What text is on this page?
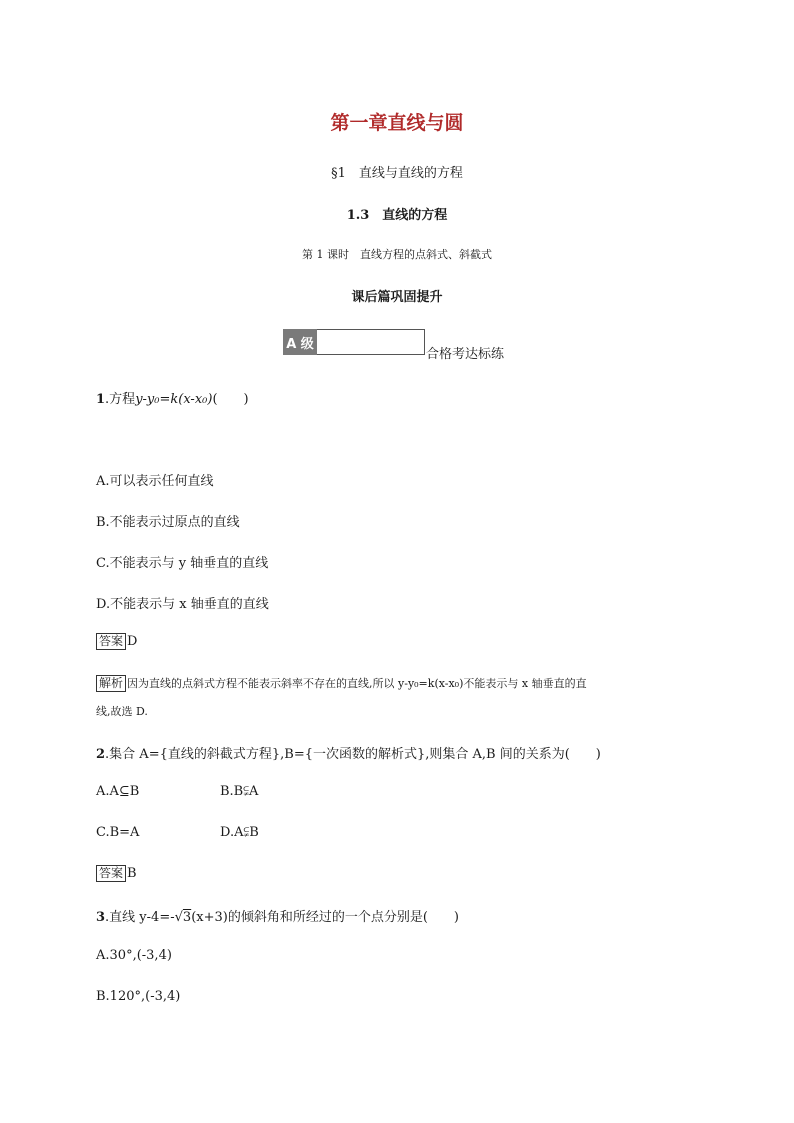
第一章直线与圆
§1　直线与直线的方程
1.3　直线的方程
第 1 课时　直线方程的点斜式、斜截式
课后篇巩固提升
A 级
合格考达标练
1.方程y-y₀=k(x-x₀)(　　)
A.可以表示任何直线
B.不能表示过原点的直线
C.不能表示与 y 轴垂直的直线
D.不能表示与 x 轴垂直的直线
答案 D
解析 因为直线的点斜式方程不能表示斜率不存在的直线,所以 y-y₀=k(x-x₀)不能表示与 x 轴垂直的直
线,故选 D.
2.集合 A={直线的斜截式方程},B={一次函数的解析式},则集合 A,B 间的关系为(　　)
A.A⊆B	B.B⫋A
C.B=A	D.A⫋B
答案 B
3.直线 y-4=-√3(x+3)的倾斜角和所经过的一个点分别是(　　)
A.30°,(-3,4)
B.120°,(-3,4)
